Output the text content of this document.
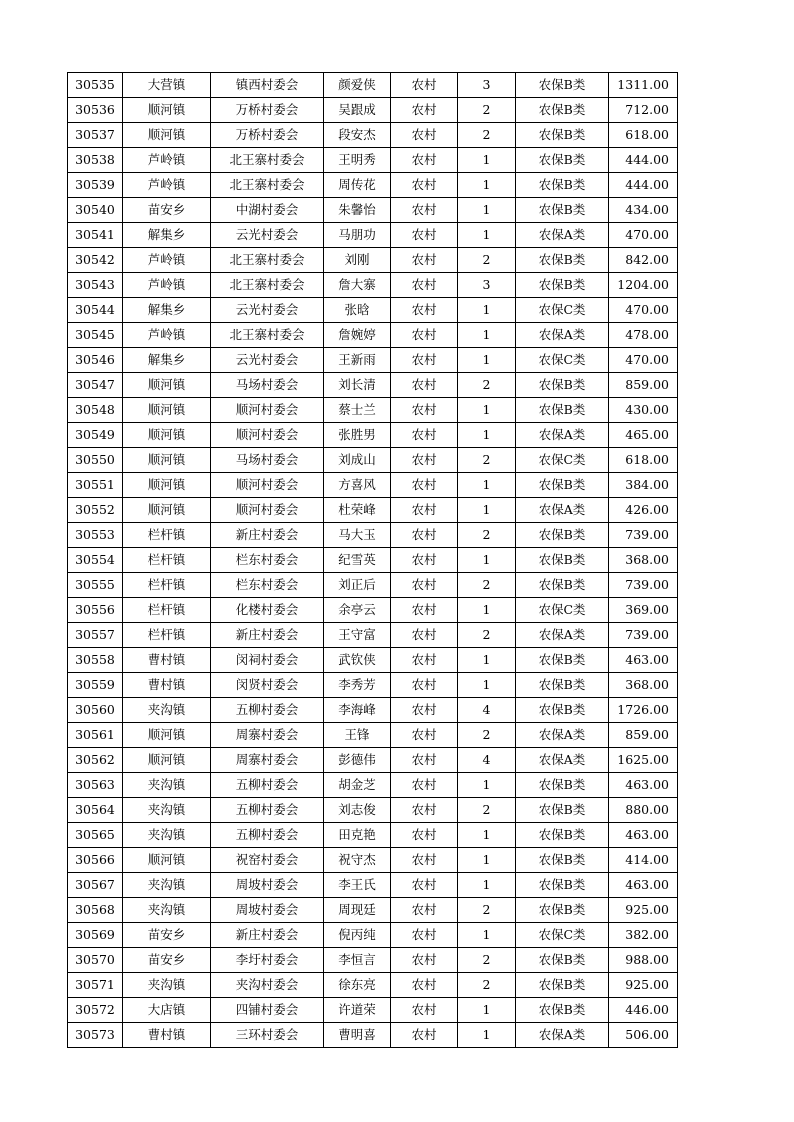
30535	大营镇	镇西村委会	颜爱侠	农村	3	农保B类	1311.00
30536	顺河镇	万桥村委会	吴跟成	农村	2	农保B类	712.00
30537	顺河镇	万桥村委会	段安杰	农村	2	农保B类	618.00
30538	芦岭镇	北王寨村委会	王明秀	农村	1	农保B类	444.00
30539	芦岭镇	北王寨村委会	周传花	农村	1	农保B类	444.00
30540	苗安乡	中湖村委会	朱馨怡	农村	1	农保B类	434.00
30541	解集乡	云光村委会	马朋功	农村	1	农保A类	470.00
30542	芦岭镇	北王寨村委会	刘刚	农村	2	农保B类	842.00
30543	芦岭镇	北王寨村委会	詹大寨	农村	3	农保B类	1204.00
30544	解集乡	云光村委会	张晗	农村	1	农保C类	470.00
30545	芦岭镇	北王寨村委会	詹婉婷	农村	1	农保A类	478.00
30546	解集乡	云光村委会	王新雨	农村	1	农保C类	470.00
30547	顺河镇	马场村委会	刘长清	农村	2	农保B类	859.00
30548	顺河镇	顺河村委会	蔡士兰	农村	1	农保B类	430.00
30549	顺河镇	顺河村委会	张胜男	农村	1	农保A类	465.00
30550	顺河镇	马场村委会	刘成山	农村	2	农保C类	618.00
30551	顺河镇	顺河村委会	方喜风	农村	1	农保B类	384.00
30552	顺河镇	顺河村委会	杜荣峰	农村	1	农保A类	426.00
30553	栏杆镇	新庄村委会	马大玉	农村	2	农保B类	739.00
30554	栏杆镇	栏东村委会	纪雪英	农村	1	农保B类	368.00
30555	栏杆镇	栏东村委会	刘正后	农村	2	农保B类	739.00
30556	栏杆镇	化楼村委会	余亭云	农村	1	农保C类	369.00
30557	栏杆镇	新庄村委会	王守富	农村	2	农保A类	739.00
30558	曹村镇	闵祠村委会	武钦侠	农村	1	农保B类	463.00
30559	曹村镇	闵贤村委会	李秀芳	农村	1	农保B类	368.00
30560	夹沟镇	五柳村委会	李海峰	农村	4	农保B类	1726.00
30561	顺河镇	周寨村委会	王锋	农村	2	农保A类	859.00
30562	顺河镇	周寨村委会	彭德伟	农村	4	农保A类	1625.00
30563	夹沟镇	五柳村委会	胡金芝	农村	1	农保B类	463.00
30564	夹沟镇	五柳村委会	刘志俊	农村	2	农保B类	880.00
30565	夹沟镇	五柳村委会	田克艳	农村	1	农保B类	463.00
30566	顺河镇	祝窑村委会	祝守杰	农村	1	农保B类	414.00
30567	夹沟镇	周坡村委会	李王氏	农村	1	农保B类	463.00
30568	夹沟镇	周坡村委会	周现廷	农村	2	农保B类	925.00
30569	苗安乡	新庄村委会	倪丙纯	农村	1	农保C类	382.00
30570	苗安乡	李圩村委会	李恒言	农村	2	农保B类	988.00
30571	夹沟镇	夹沟村委会	徐东亮	农村	2	农保B类	925.00
30572	大店镇	四铺村委会	许道荣	农村	1	农保B类	446.00
30573	曹村镇	三环村委会	曹明喜	农村	1	农保A类	506.00
